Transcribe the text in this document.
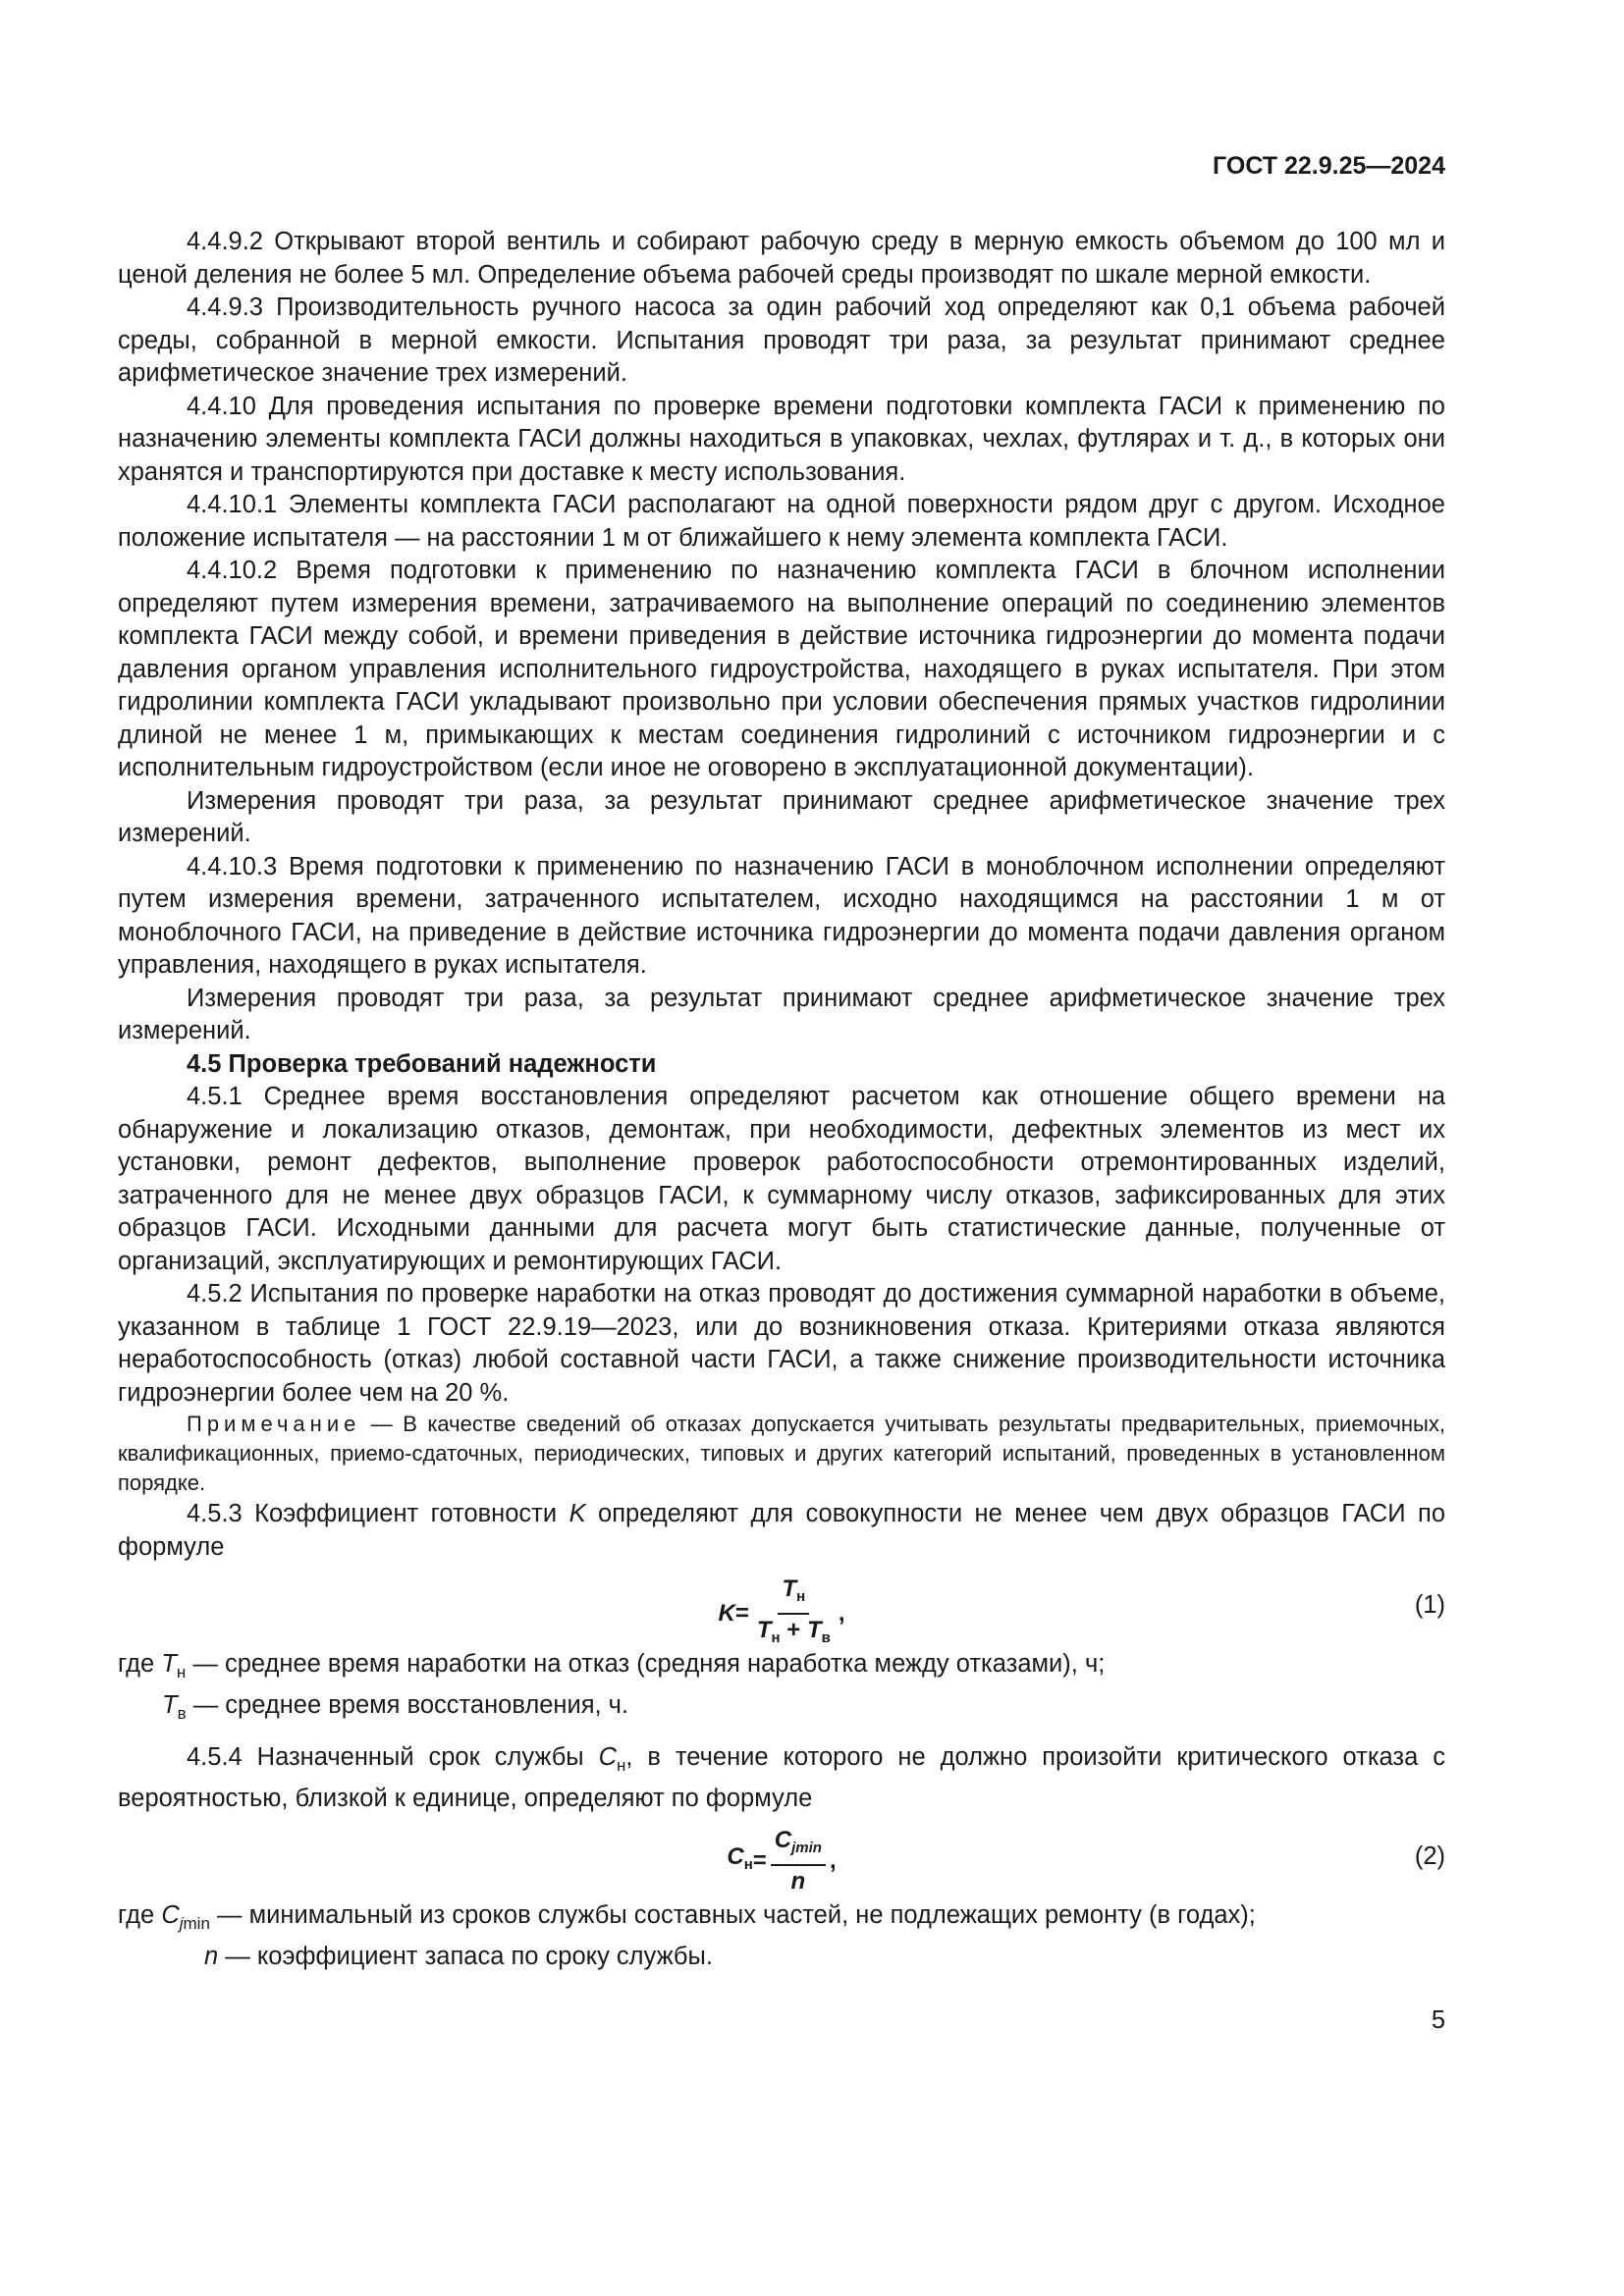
ГОСТ 22.9.25—2024

4.4.9.2 Открывают второй вентиль и собирают рабочую среду в мерную емкость объемом до 100 мл и ценой деления не более 5 мл. Определение объема рабочей среды производят по шкале мерной емкости.

4.4.9.3 Производительность ручного насоса за один рабочий ход определяют как 0,1 объема рабочей среды, собранной в мерной емкости. Испытания проводят три раза, за результат принимают среднее арифметическое значение трех измерений.

4.4.10 Для проведения испытания по проверке времени подготовки комплекта ГАСИ к применению по назначению элементы комплекта ГАСИ должны находиться в упаковках, чехлах, футлярах и т. д., в которых они хранятся и транспортируются при доставке к месту использования.

4.4.10.1 Элементы комплекта ГАСИ располагают на одной поверхности рядом друг с другом. Исходное положение испытателя — на расстоянии 1 м от ближайшего к нему элемента комплекта ГАСИ.

4.4.10.2 Время подготовки к применению по назначению комплекта ГАСИ в блочном исполнении определяют путем измерения времени, затрачиваемого на выполнение операций по соединению элементов комплекта ГАСИ между собой, и времени приведения в действие источника гидроэнергии до момента подачи давления органом управления исполнительного гидроустройства, находящего в руках испытателя. При этом гидролинии комплекта ГАСИ укладывают произвольно при условии обеспечения прямых участков гидролинии длиной не менее 1 м, примыкающих к местам соединения гидролиний с источником гидроэнергии и с исполнительным гидроустройством (если иное не оговорено в эксплуатационной документации).

Измерения проводят три раза, за результат принимают среднее арифметическое значение трех измерений.

4.4.10.3 Время подготовки к применению по назначению ГАСИ в моноблочном исполнении определяют путем измерения времени, затраченного испытателем, исходно находящимся на расстоянии 1 м от моноблочного ГАСИ, на приведение в действие источника гидроэнергии до момента подачи давления органом управления, находящего в руках испытателя.

Измерения проводят три раза, за результат принимают среднее арифметическое значение трех измерений.

4.5 Проверка требований надежности

4.5.1 Среднее время восстановления определяют расчетом как отношение общего времени на обнаружение и локализацию отказов, демонтаж, при необходимости, дефектных элементов из мест их установки, ремонт дефектов, выполнение проверок работоспособности отремонтированных изделий, затраченного для не менее двух образцов ГАСИ, к суммарному числу отказов, зафиксированных для этих образцов ГАСИ. Исходными данными для расчета могут быть статистические данные, полученные от организаций, эксплуатирующих и ремонтирующих ГАСИ.

4.5.2 Испытания по проверке наработки на отказ проводят до достижения суммарной наработки в объеме, указанном в таблице 1 ГОСТ 22.9.19—2023, или до возникновения отказа. Критериями отказа являются неработоспособность (отказ) любой составной части ГАСИ, а также снижение производительности источника гидроэнергии более чем на 20 %.

Примечание — В качестве сведений об отказах допускается учитывать результаты предварительных, приемочных, квалификационных, приемо-сдаточных, периодических, типовых и других категорий испытаний, проведенных в установленном порядке.

4.5.3 Коэффициент готовности K определяют для совокупности не менее чем двух образцов ГАСИ по формуле

$K = \frac{T_н}{T_н + T_в}$ ,	(1)
где $T_н$ — среднее время наработки на отказ (средняя наработка между отказами), ч;
$T_в$ — среднее время восстановления, ч.

4.5.4 Назначенный срок службы $C_н$, в течение которого не должно произойти критического отказа с вероятностью, близкой к единице, определяют по формуле

$C_н = \frac{C_{jmin}}{n}$ ,	(2)
где $C_{jmin}$ — минимальный из сроков службы составных частей, не подлежащих ремонту (в годах);
n — коэффициент запаса по сроку службы.
5
